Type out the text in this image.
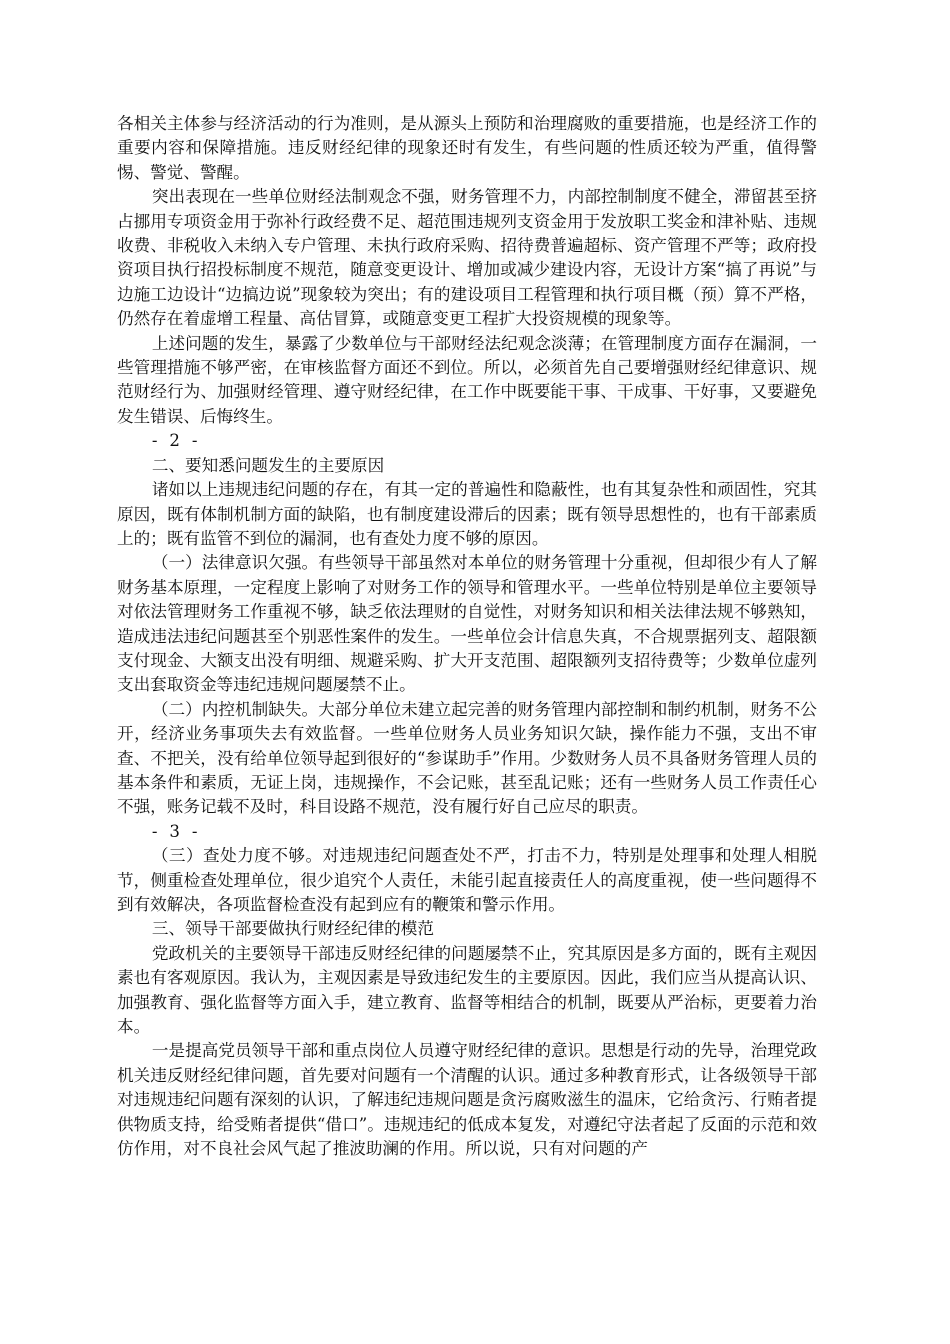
各相关主体参与经济活动的行为准则，是从源头上预防和治理腐败的重要措施，也是经济工作的重要内容和保障措施。违反财经纪律的现象还时有发生，有些问题的性质还较为严重，值得警惕、警觉、警醒。

突出表现在一些单位财经法制观念不强，财务管理不力，内部控制制度不健全，滞留甚至挤占挪用专项资金用于弥补行政经费不足、超范围违规列支资金用于发放职工奖金和津补贴、违规收费、非税收入未纳入专户管理、未执行政府采购、招待费普遍超标、资产管理不严等；政府投资项目执行招投标制度不规范，随意变更设计、增加或减少建设内容，无设计方案“搞了再说”与边施工边设计“边搞边说”现象较为突出；有的建设项目工程管理和执行项目概（预）算不严格，仍然存在着虚增工程量、高估冒算，或随意变更工程扩大投资规模的现象等。

上述问题的发生，暴露了少数单位与干部财经法纪观念淡薄；在管理制度方面存在漏洞，一些管理措施不够严密，在审核监督方面还不到位。所以，必须首先自己要增强财经纪律意识、规范财经行为、加强财经管理、遵守财经纪律，在工作中既要能干事、干成事、干好事，又要避免发生错误、后悔终生。

- 2 -

二、要知悉问题发生的主要原因

诸如以上违规违纪问题的存在，有其一定的普遍性和隐蔽性，也有其复杂性和顽固性，究其原因，既有体制机制方面的缺陷，也有制度建设滞后的因素；既有领导思想性的，也有干部素质上的；既有监管不到位的漏洞，也有查处力度不够的原因。

（一）法律意识欠强。有些领导干部虽然对本单位的财务管理十分重视，但却很少有人了解财务基本原理，一定程度上影响了对财务工作的领导和管理水平。一些单位特别是单位主要领导对依法管理财务工作重视不够，缺乏依法理财的自觉性，对财务知识和相关法律法规不够熟知，造成违法违纪问题甚至个别恶性案件的发生。一些单位会计信息失真，不合规票据列支、超限额支付现金、大额支出没有明细、规避采购、扩大开支范围、超限额列支招待费等；少数单位虚列支出套取资金等违纪违规问题屡禁不止。

（二）内控机制缺失。大部分单位未建立起完善的财务管理内部控制和制约机制，财务不公开，经济业务事项失去有效监督。一些单位财务人员业务知识欠缺，操作能力不强，支出不审查、不把关，没有给单位领导起到很好的“参谋助手”作用。少数财务人员不具备财务管理人员的基本条件和素质，无证上岗，违规操作，不会记账，甚至乱记账；还有一些财务人员工作责任心不强，账务记载不及时，科目设路不规范，没有履行好自己应尽的职责。

- 3 -

（三）查处力度不够。对违规违纪问题查处不严，打击不力，特别是处理事和处理人相脱节，侧重检查处理单位，很少追究个人责任，未能引起直接责任人的高度重视，使一些问题得不到有效解决，各项监督检查没有起到应有的鞭策和警示作用。

三、领导干部要做执行财经纪律的模范

党政机关的主要领导干部违反财经纪律的问题屡禁不止，究其原因是多方面的，既有主观因素也有客观原因。我认为，主观因素是导致违纪发生的主要原因。因此，我们应当从提高认识、加强教育、强化监督等方面入手，建立教育、监督等相结合的机制，既要从严治标，更要着力治本。

一是提高党员领导干部和重点岗位人员遵守财经纪律的意识。思想是行动的先导，治理党政机关违反财经纪律问题，首先要对问题有一个清醒的认识。通过多种教育形式，让各级领导干部对违规违纪问题有深刻的认识，了解违纪违规问题是贪污腐败滋生的温床，它给贪污、行贿者提供物质支持，给受贿者提供“借口”。违规违纪的低成本复发，对遵纪守法者起了反面的示范和效仿作用，对不良社会风气起了推波助澜的作用。所以说，只有对问题的产
